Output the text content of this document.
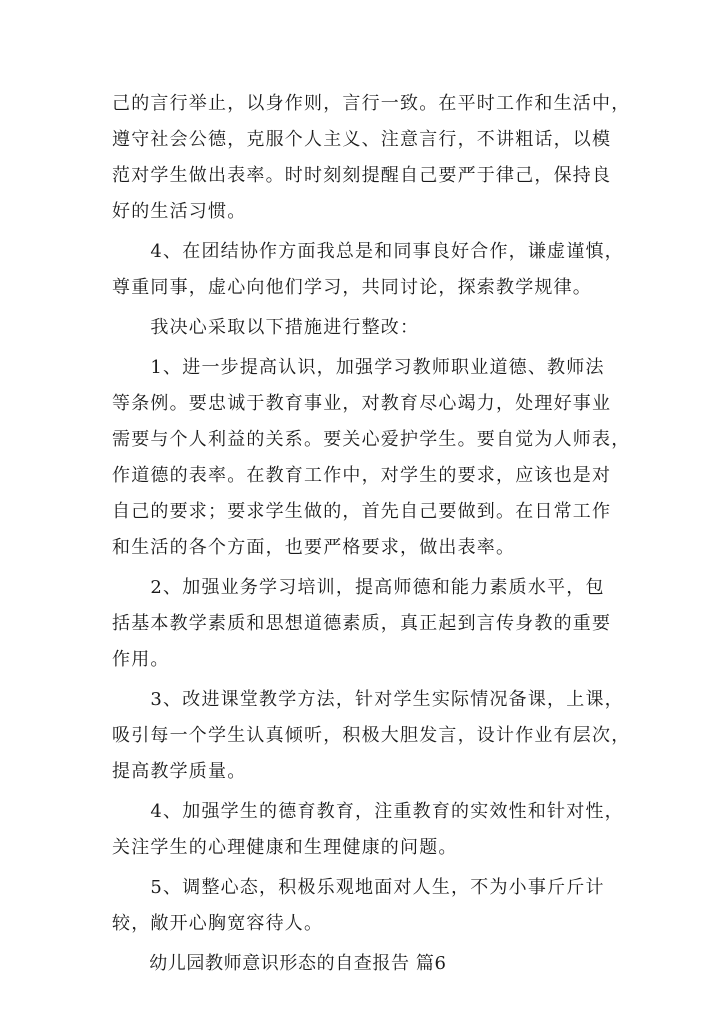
己的言行举止，以身作则，言行一致。在平时工作和生活中，
遵守社会公德，克服个人主义、注意言行，不讲粗话，以模
范对学生做出表率。时时刻刻提醒自己要严于律己，保持良
好的生活习惯。
　　4、在团结协作方面我总是和同事良好合作，谦虚谨慎，
尊重同事，虚心向他们学习，共同讨论，探索教学规律。
　　我决心采取以下措施进行整改：
　　1、进一步提高认识，加强学习教师职业道德、教师法
等条例。要忠诚于教育事业，对教育尽心竭力，处理好事业
需要与个人利益的关系。要关心爱护学生。要自觉为人师表，
作道德的表率。在教育工作中，对学生的要求，应该也是对
自己的要求；要求学生做的，首先自己要做到。在日常工作
和生活的各个方面，也要严格要求，做出表率。
　　2、加强业务学习培训，提高师德和能力素质水平，包
括基本教学素质和思想道德素质，真正起到言传身教的重要
作用。
　　3、改进课堂教学方法，针对学生实际情况备课，上课，
吸引每一个学生认真倾听，积极大胆发言，设计作业有层次，
提高教学质量。
　　4、加强学生的德育教育，注重教育的实效性和针对性，
关注学生的心理健康和生理健康的问题。
　　5、调整心态，积极乐观地面对人生，不为小事斤斤计
较，敞开心胸宽容待人。
　　幼儿园教师意识形态的自查报告 篇6
